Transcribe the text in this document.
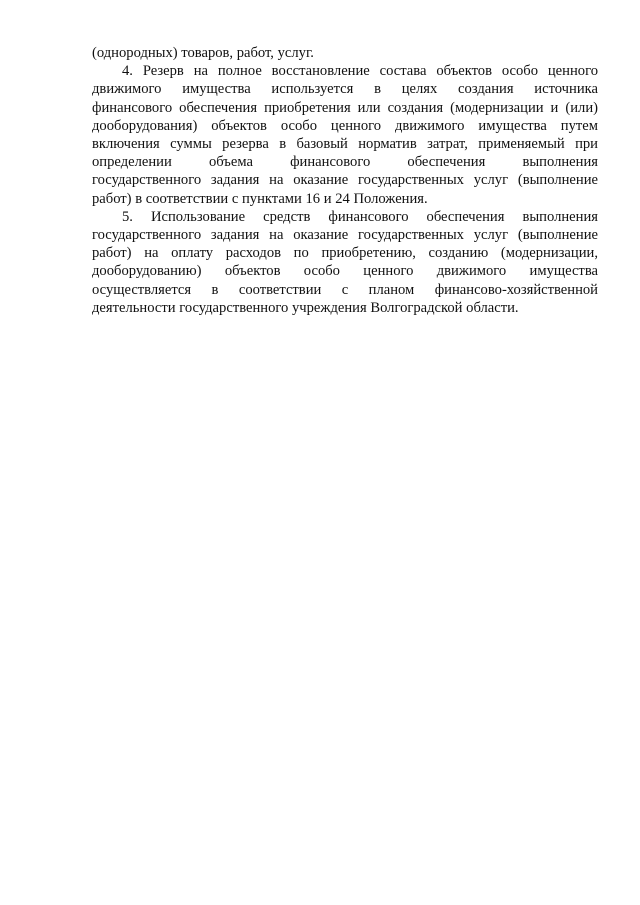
(однородных) товаров, работ, услуг.
4. Резерв на полное восстановление состава объектов особо ценного
движимого имущества используется в целях создания источника
финансового обеспечения приобретения или создания (модернизации и (или)
дооборудования) объектов особо ценного движимого имущества путем
включения суммы резерва в базовый норматив затрат, применяемый при
определении объема финансового обеспечения выполнения
государственного задания на оказание государственных услуг (выполнение
работ) в соответствии с пунктами 16 и 24 Положения.
5. Использование средств финансового обеспечения выполнения
государственного задания на оказание государственных услуг (выполнение
работ) на оплату расходов по приобретению, созданию (модернизации,
дооборудованию) объектов особо ценного движимого имущества
осуществляется в соответствии с планом финансово-хозяйственной
деятельности государственного учреждения Волгоградской области.
